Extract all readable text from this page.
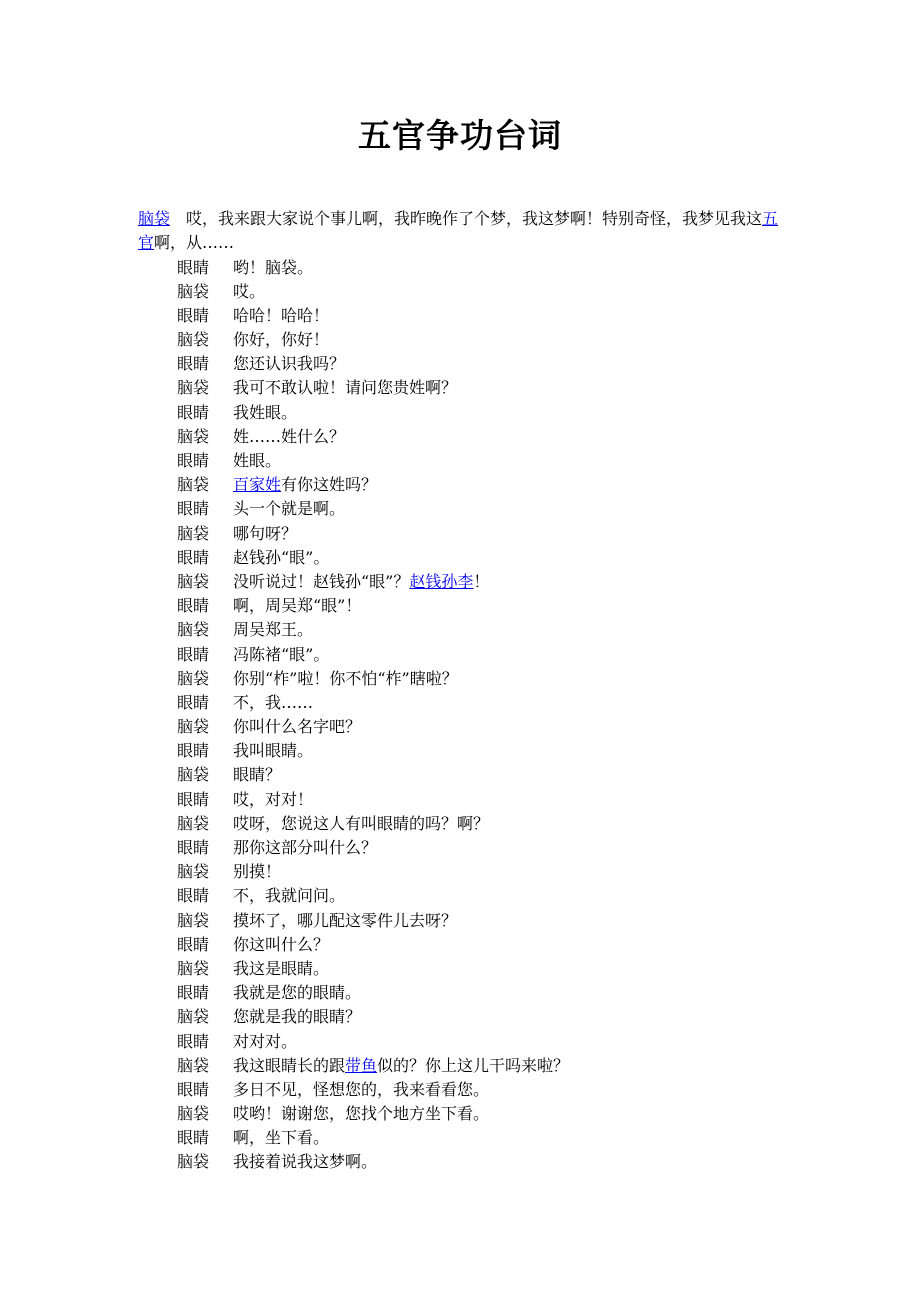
五官争功台词
脑袋 哎，我来跟大家说个事儿啊，我昨晚作了个梦，我这梦啊！特别奇怪，我梦见我这五官啊，从……
眼睛 哟！脑袋。
脑袋 哎。
眼睛 哈哈！哈哈！
脑袋 你好，你好！
眼睛 您还认识我吗？
脑袋 我可不敢认啦！请问您贵姓啊？
眼睛 我姓眼。
脑袋 姓……姓什么？
眼睛 姓眼。
脑袋 百家姓有你这姓吗？
眼睛 头一个就是啊。
脑袋 哪句呀？
眼睛 赵钱孙“眼”。
脑袋 没听说过！赵钱孙“眼”？赵钱孙李！
眼睛 啊，周吴郑“眼”！
脑袋 周吴郑王。
眼睛 冯陈褚“眼”。
脑袋 你别“柞”啦！你不怕“柞”瞎啦？
眼睛 不，我……
脑袋 你叫什么名字吧？
眼睛 我叫眼睛。
脑袋 眼睛？
眼睛 哎，对对！
脑袋 哎呀，您说这人有叫眼睛的吗？啊？
眼睛 那你这部分叫什么？
脑袋 别摸！
眼睛 不，我就问问。
脑袋 摸坏了，哪儿配这零件儿去呀？
眼睛 你这叫什么？
脑袋 我这是眼睛。
眼睛 我就是您的眼睛。
脑袋 您就是我的眼睛？
眼睛 对对对。
脑袋 我这眼睛长的跟带鱼似的？你上这儿干吗来啦？
眼睛 多日不见，怪想您的，我来看看您。
脑袋 哎哟！谢谢您，您找个地方坐下看。
眼睛 啊，坐下看。
脑袋 我接着说我这梦啊。
